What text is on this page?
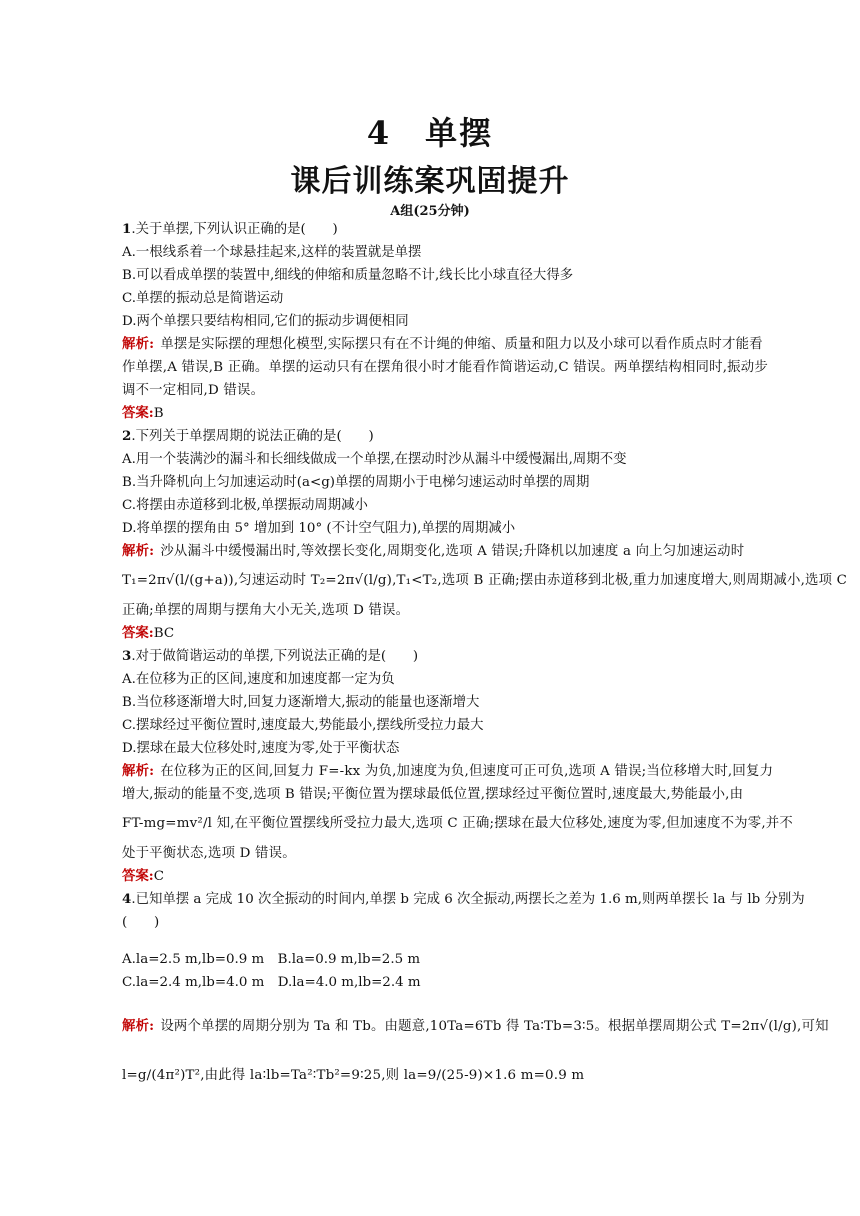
4　单摆
课后训练案巩固提升
A组(25分钟)
1.关于单摆,下列认识正确的是(　　)
A.一根线系着一个球悬挂起来,这样的装置就是单摆
B.可以看成单摆的装置中,细线的伸缩和质量忽略不计,线长比小球直径大得多
C.单摆的振动总是简谐运动
D.两个单摆只要结构相同,它们的振动步调便相同
解析: 单摆是实际摆的理想化模型,实际摆只有在不计绳的伸缩、质量和阻力以及小球可以看作质点时才能看
作单摆,A 错误,B 正确。单摆的运动只有在摆角很小时才能看作简谐运动,C 错误。两单摆结构相同时,振动步
调不一定相同,D 错误。
答案:B
2.下列关于单摆周期的说法正确的是(　　)
A.用一个装满沙的漏斗和长细线做成一个单摆,在摆动时沙从漏斗中缓慢漏出,周期不变
B.当升降机向上匀加速运动时(a<g)单摆的周期小于电梯匀速运动时单摆的周期
C.将摆由赤道移到北极,单摆振动周期减小
D.将单摆的摆角由 5° 增加到 10° (不计空气阻力),单摆的周期减小
解析: 沙从漏斗中缓慢漏出时,等效摆长变化,周期变化,选项 A 错误;升降机以加速度 a 向上匀加速运动时
T₁=2π√(l/(g+a)),匀速运动时 T₂=2π√(l/g),T₁<T₂,选项 B 正确;摆由赤道移到北极,重力加速度增大,则周期减小,选项 C
正确;单摆的周期与摆角大小无关,选项 D 错误。
答案:BC
3.对于做简谐运动的单摆,下列说法正确的是(　　)
A.在位移为正的区间,速度和加速度都一定为负
B.当位移逐渐增大时,回复力逐渐增大,振动的能量也逐渐增大
C.摆球经过平衡位置时,速度最大,势能最小,摆线所受拉力最大
D.摆球在最大位移处时,速度为零,处于平衡状态
解析: 在位移为正的区间,回复力 F=-kx 为负,加速度为负,但速度可正可负,选项 A 错误;当位移增大时,回复力
增大,振动的能量不变,选项 B 错误;平衡位置为摆球最低位置,摆球经过平衡位置时,速度最大,势能最小,由
FT-mg=mv²/l 知,在平衡位置摆线所受拉力最大,选项 C 正确;摆球在最大位移处,速度为零,但加速度不为零,并不
处于平衡状态,选项 D 错误。
答案:C
4.已知单摆 a 完成 10 次全振动的时间内,单摆 b 完成 6 次全振动,两摆长之差为 1.6 m,则两单摆长 la 与 lb 分别为
(　　)
A.la=2.5 m,lb=0.9 m　B.la=0.9 m,lb=2.5 m
C.la=2.4 m,lb=4.0 m　D.la=4.0 m,lb=2.4 m
解析: 设两个单摆的周期分别为 Ta 和 Tb。由题意,10Ta=6Tb 得 Ta∶Tb=3∶5。根据单摆周期公式 T=2π√(l/g),可知
l=g/(4π²)T²,由此得 la∶lb=Ta²∶Tb²=9∶25,则 la=9/(25-9)×1.6 m=0.9 m
